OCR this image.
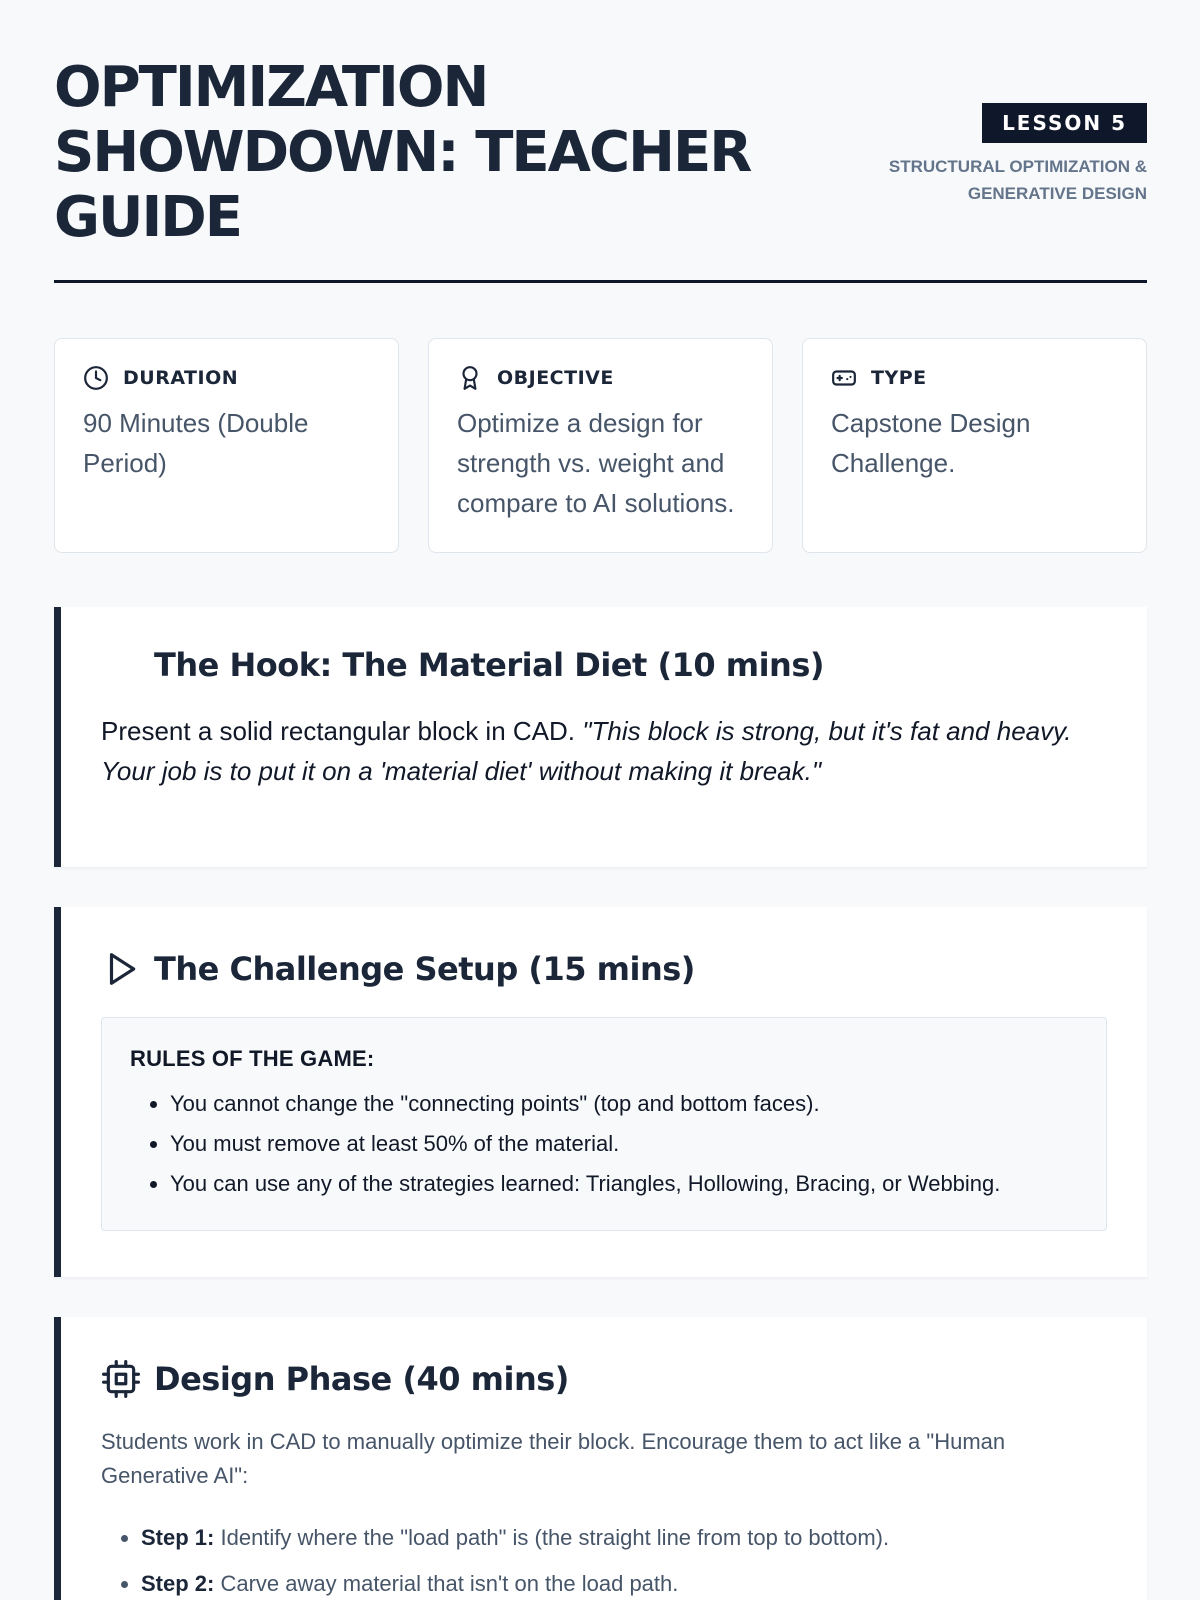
OPTIMIZATION SHOWDOWN: TEACHER GUIDE
LESSON 5
STRUCTURAL OPTIMIZATION & GENERATIVE DESIGN
DURATION
90 Minutes (Double Period)
OBJECTIVE
Optimize a design for strength vs. weight and compare to AI solutions.
TYPE
Capstone Design Challenge.
The Hook: The Material Diet (10 mins)
Present a solid rectangular block in CAD. "This block is strong, but it's fat and heavy. Your job is to put it on a 'material diet' without making it break."
The Challenge Setup (15 mins)
RULES OF THE GAME:
• You cannot change the "connecting points" (top and bottom faces).
• You must remove at least 50% of the material.
• You can use any of the strategies learned: Triangles, Hollowing, Bracing, or Webbing.
Design Phase (40 mins)
Students work in CAD to manually optimize their block. Encourage them to act like a "Human Generative AI":
• Step 1: Identify where the "load path" is (the straight line from top to bottom).
• Step 2: Carve away material that isn't on the load path.
